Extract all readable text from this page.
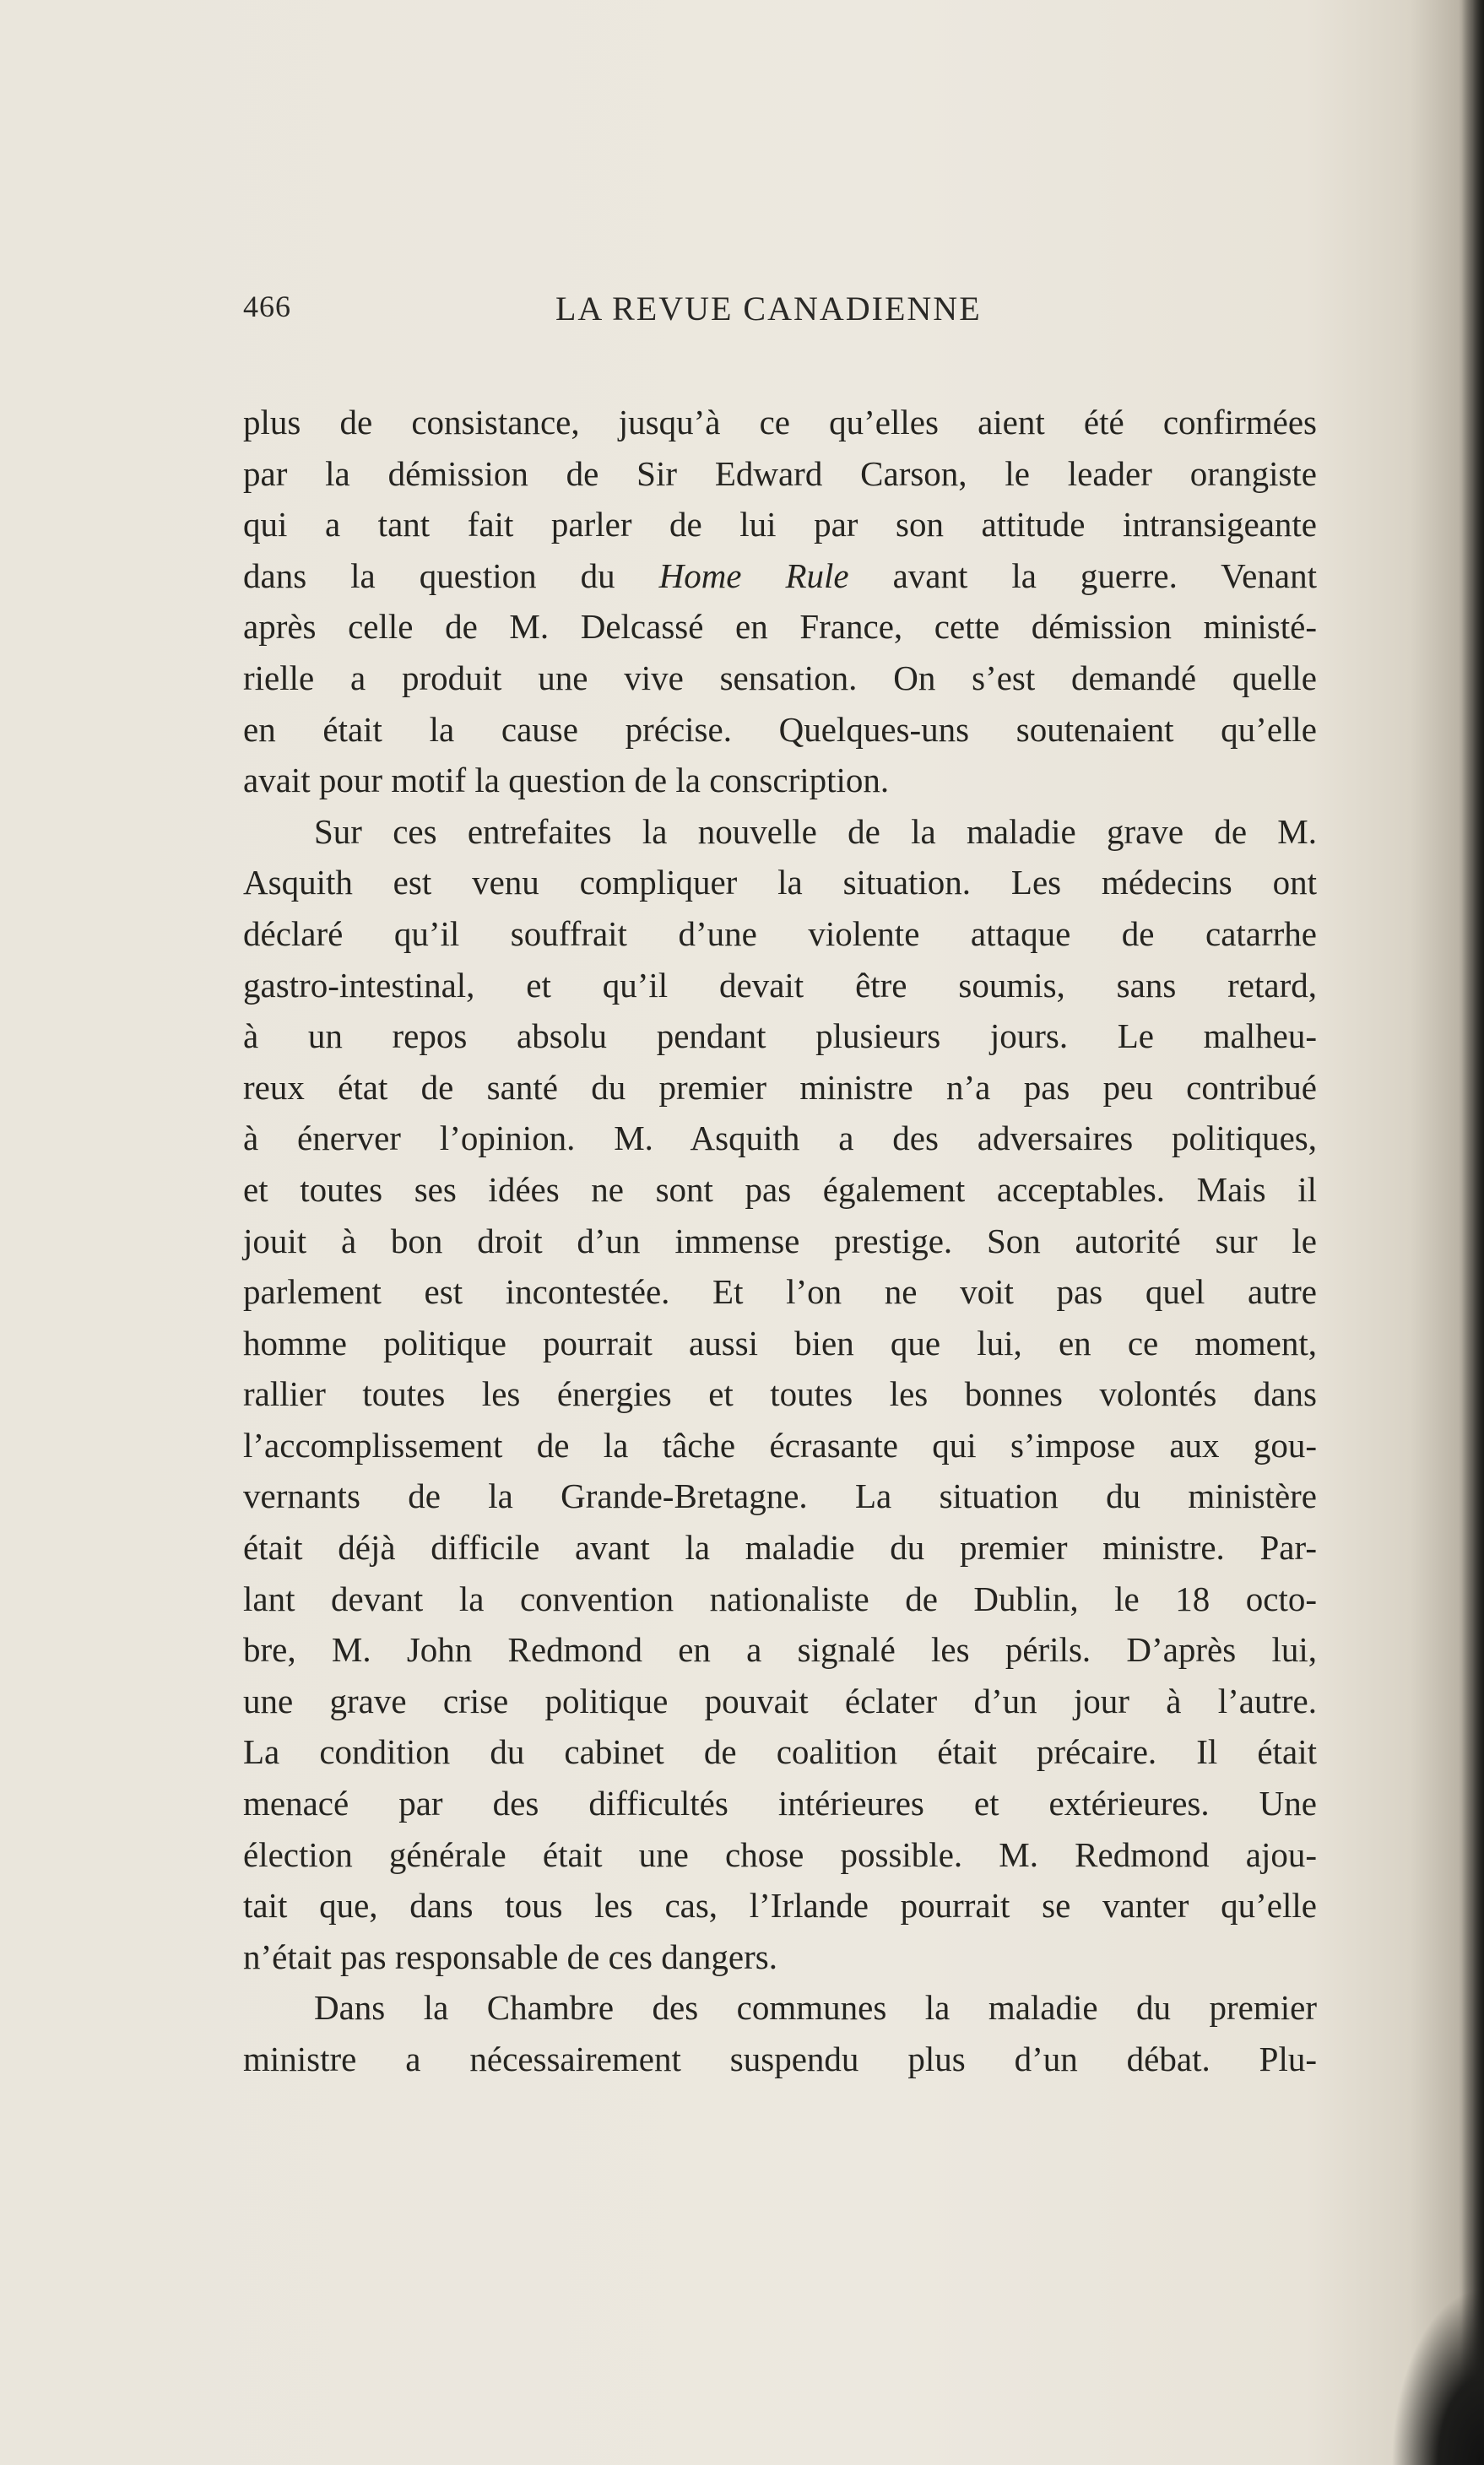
466	LA REVUE CANADIENNE
plus de consistance, jusqu’à ce qu’elles aient été confirmées
par la démission de Sir Edward Carson, le leader orangiste
qui a tant fait parler de lui par son attitude intransigeante
dans la question du Home Rule avant la guerre. Venant
après celle de M. Delcassé en France, cette démission ministé-
rielle a produit une vive sensation. On s’est demandé quelle
en était la cause précise. Quelques-uns soutenaient qu’elle
avait pour motif la question de la conscription.
Sur ces entrefaites la nouvelle de la maladie grave de M.
Asquith est venu compliquer la situation. Les médecins ont
déclaré qu’il souffrait d’une violente attaque de catarrhe
gastro-intestinal, et qu’il devait être soumis, sans retard,
à un repos absolu pendant plusieurs jours. Le malheu-
reux état de santé du premier ministre n’a pas peu contribué
à énerver l’opinion. M. Asquith a des adversaires politiques,
et toutes ses idées ne sont pas également acceptables. Mais il
jouit à bon droit d’un immense prestige. Son autorité sur le
parlement est incontestée. Et l’on ne voit pas quel autre
homme politique pourrait aussi bien que lui, en ce moment,
rallier toutes les énergies et toutes les bonnes volontés dans
l’accomplissement de la tâche écrasante qui s’impose aux gou-
vernants de la Grande-Bretagne. La situation du ministère
était déjà difficile avant la maladie du premier ministre. Par-
lant devant la convention nationaliste de Dublin, le 18 octo-
bre, M. John Redmond en a signalé les périls. D’après lui,
une grave crise politique pouvait éclater d’un jour à l’autre.
La condition du cabinet de coalition était précaire. Il était
menacé par des difficultés intérieures et extérieures. Une
élection générale était une chose possible. M. Redmond ajou-
tait que, dans tous les cas, l’Irlande pourrait se vanter qu’elle
n’était pas responsable de ces dangers.
Dans la Chambre des communes la maladie du premier
ministre a nécessairement suspendu plus d’un débat. Plu-
